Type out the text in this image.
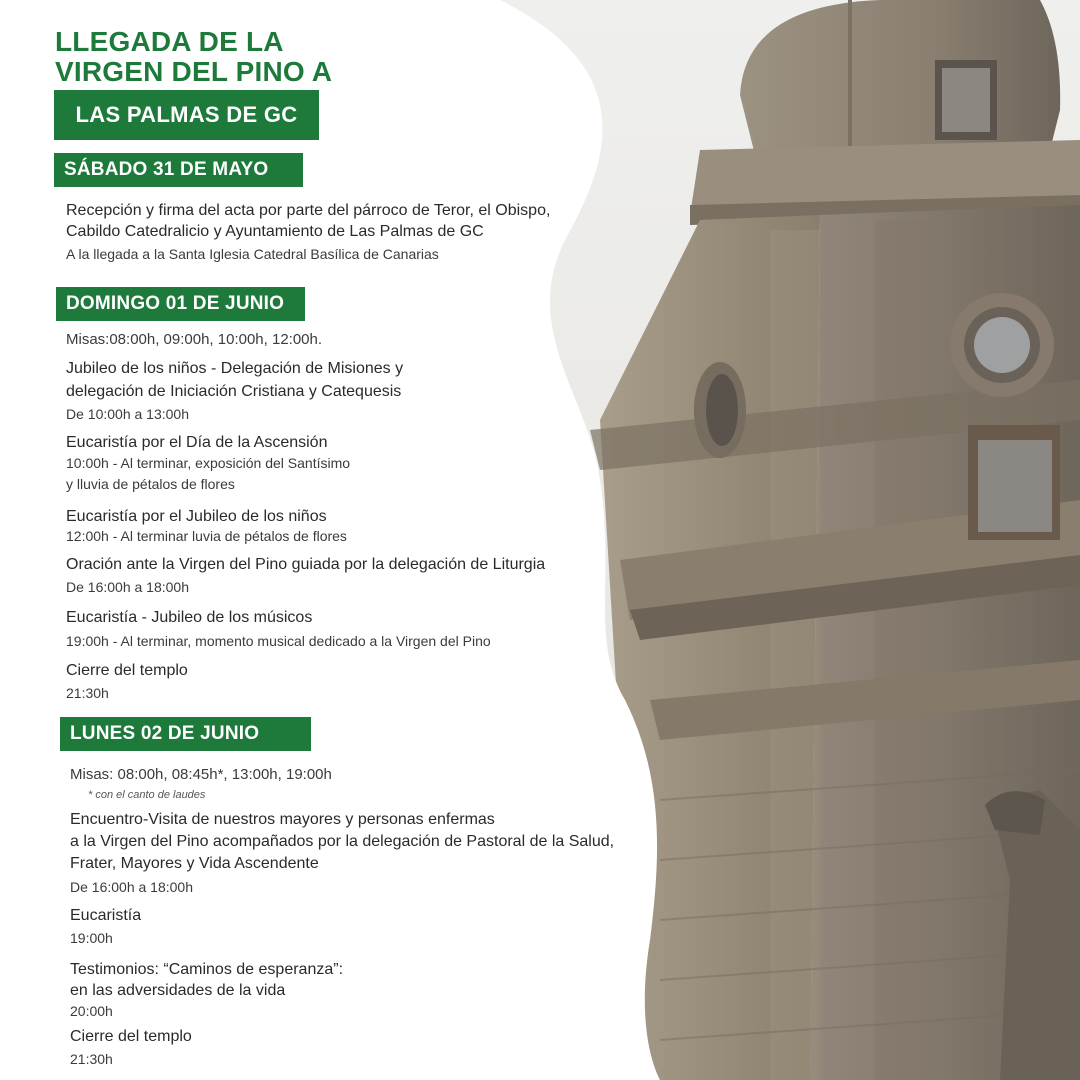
LLEGADA DE LA
VIRGEN DEL PINO A
LAS PALMAS DE GC
SÁBADO 31 DE MAYO
Recepción y firma del acta por parte del párroco de Teror, el Obispo,
Cabildo Catedralicio y Ayuntamiento de Las Palmas de GC
A la llegada a la Santa Iglesia Catedral Basílica de Canarias
DOMINGO 01 DE JUNIO
Misas:08:00h, 09:00h, 10:00h, 12:00h.
Jubileo de los niños - Delegación de Misiones y
delegación de Iniciación Cristiana y Catequesis
De 10:00h a 13:00h
Eucaristía por el Día de la Ascensión
10:00h - Al terminar, exposición del Santísimo
y lluvia de pétalos de flores
Eucaristía por el Jubileo de los niños
12:00h - Al terminar luvia de pétalos de flores
Oración ante la Virgen del Pino guiada por la delegación de Liturgia
De 16:00h a 18:00h
Eucaristía - Jubileo de los músicos
19:00h - Al terminar, momento musical dedicado a la Virgen del Pino
Cierre del templo
21:30h
LUNES 02 DE JUNIO
Misas: 08:00h, 08:45h*, 13:00h, 19:00h
* con el canto de laudes
Encuentro-Visita de nuestros mayores y personas enfermas
a la Virgen del Pino acompañados por la delegación de Pastoral de la Salud,
Frater, Mayores y Vida Ascendente
De 16:00h a 18:00h
Eucaristía
19:00h
Testimonios: “Caminos de esperanza”:
en las adversidades de la vida
20:00h
Cierre del templo
21:30h
